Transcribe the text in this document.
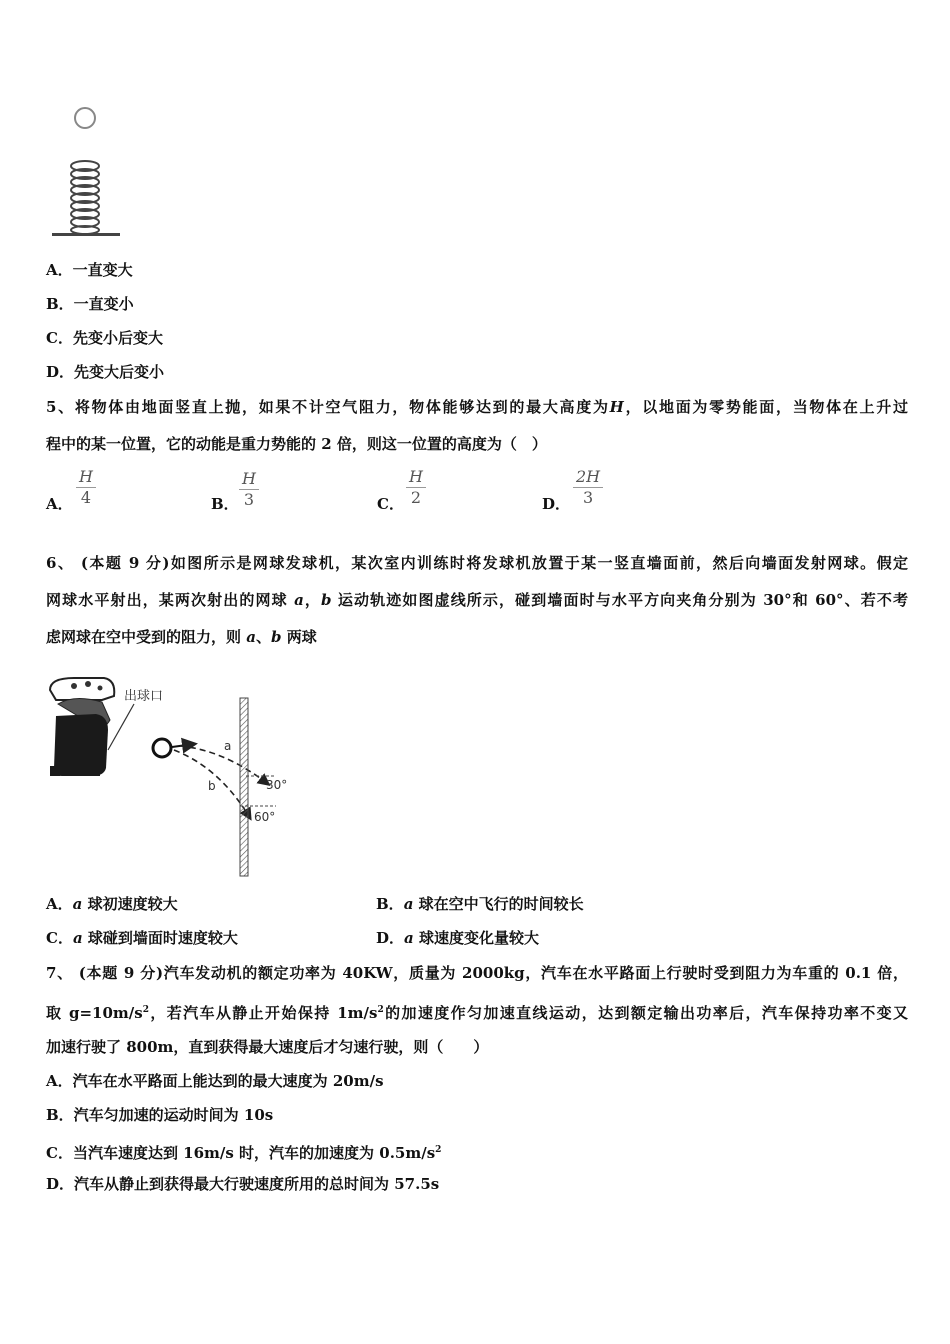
A．一直变大
B．一直变小
C．先变小后变大
D．先变大后变小
5、将物体由地面竖直上抛，如果不计空气阻力，物体能够达到的最大高度为H，以地面为零势能面，当物体在上升过
程中的某一位置，它的动能是重力势能的 2 倍，则这一位置的高度为（　）
A．
H
4	B．
H
3	C．
H
2	D．
2H
3
6、 (本题 9 分)如图所示是网球发球机，某次室内训练时将发球机放置于某一竖直墙面前，然后向墙面发射网球。假定
网球水平射出，某两次射出的网球 a，b 运动轨迹如图虚线所示，碰到墙面时与水平方向夹角分别为 30°和 60°、若不考
虑网球在空中受到的阻力，则 a、b 两球
出球口
a
b	30°
60°
A．a 球初速度较大	B．a 球在空中飞行的时间较长
C．a 球碰到墙面时速度较大	D．a 球速度变化量较大
7、 (本题 9 分)汽车发动机的额定功率为 40KW，质量为 2000kg，汽车在水平路面上行驶时受到阻力为车重的 0.1 倍，
取 $g=10m/s^2$，若汽车从静止开始保持 $1m/s^2$的加速度作匀加速直线运动，达到额定输出功率后，汽车保持功率不变又
加速行驶了 800m，直到获得最大速度后才匀速行驶，则（　　）
A．汽车在水平路面上能达到的最大速度为 20m/s
B．汽车匀加速的运动时间为 10s
C．当汽车速度达到 16m/s 时，汽车的加速度为 $0.5m/s^2$
D．汽车从静止到获得最大行驶速度所用的总时间为 57.5s
